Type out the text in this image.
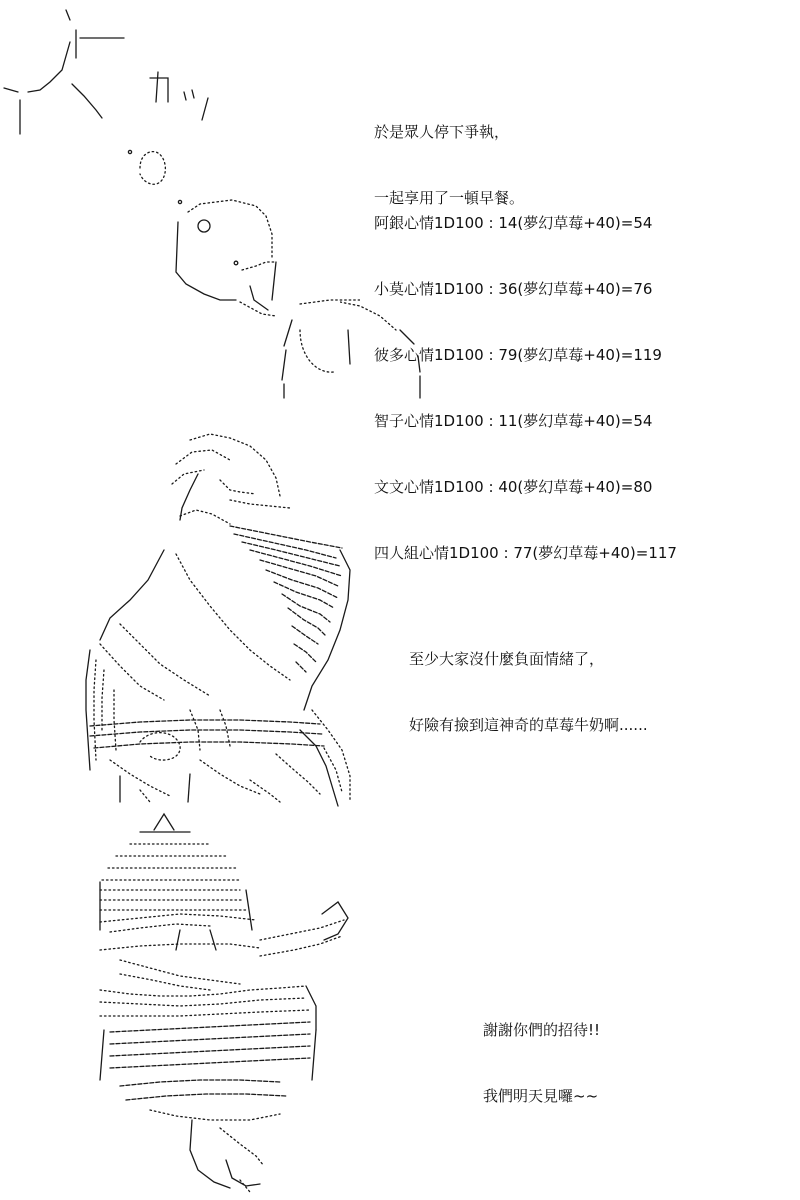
於是眾人停下爭執，

一起享用了一頓早餐。

阿銀心情1D100 : 14(夢幻草莓+40)=54

小莫心情1D100 : 36(夢幻草莓+40)=76

彼多心情1D100 : 79(夢幻草莓+40)=119

智子心情1D100 : 11(夢幻草莓+40)=54

文文心情1D100 : 40(夢幻草莓+40)=80

四人組心情1D100 : 77(夢幻草莓+40)=117

至少大家沒什麼負面情緒了，

好險有撿到這神奇的草莓牛奶啊......

謝謝你們的招待!!

我們明天見囉~~
